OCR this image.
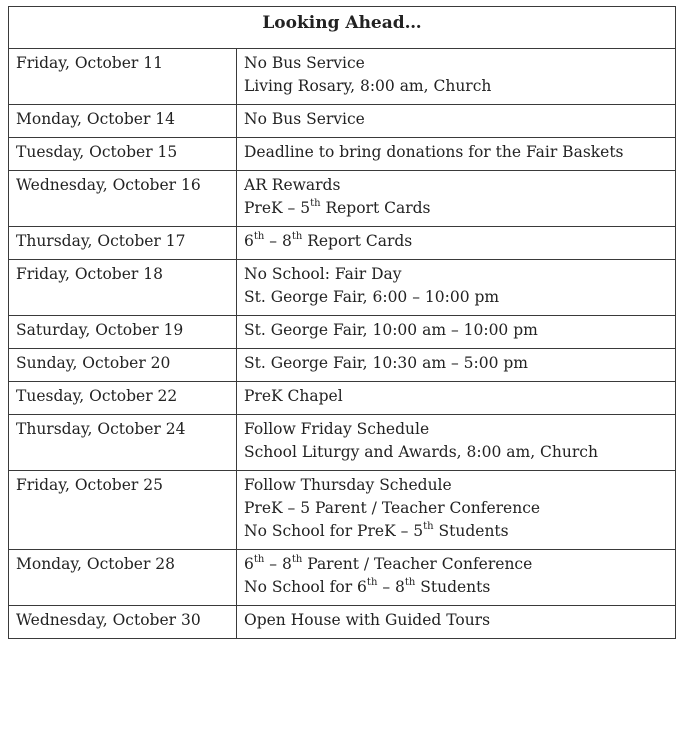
Looking Ahead…	
Friday, October 11	No Bus Service
Living Rosary, 8:00 am, Church

Monday, October 14	No Bus Service

Tuesday, October 15	Deadline to bring donations for the Fair Baskets

Wednesday, October 16	AR Rewards
PreK – 5th Report Cards

Thursday, October 17	6th – 8th Report Cards

Friday, October 18	No School: Fair Day
St. George Fair, 6:00 – 10:00 pm

Saturday, October 19	St. George Fair, 10:00 am – 10:00 pm

Sunday, October 20	St. George Fair, 10:30 am – 5:00 pm

Tuesday, October 22	PreK Chapel

Thursday, October 24	Follow Friday Schedule
School Liturgy and Awards, 8:00 am, Church

Friday, October 25	Follow Thursday Schedule
PreK – 5 Parent / Teacher Conference
No School for PreK – 5th Students

Monday, October 28	6th – 8th Parent / Teacher Conference
No School for 6th – 8th Students

Wednesday, October 30	Open House with Guided Tours
